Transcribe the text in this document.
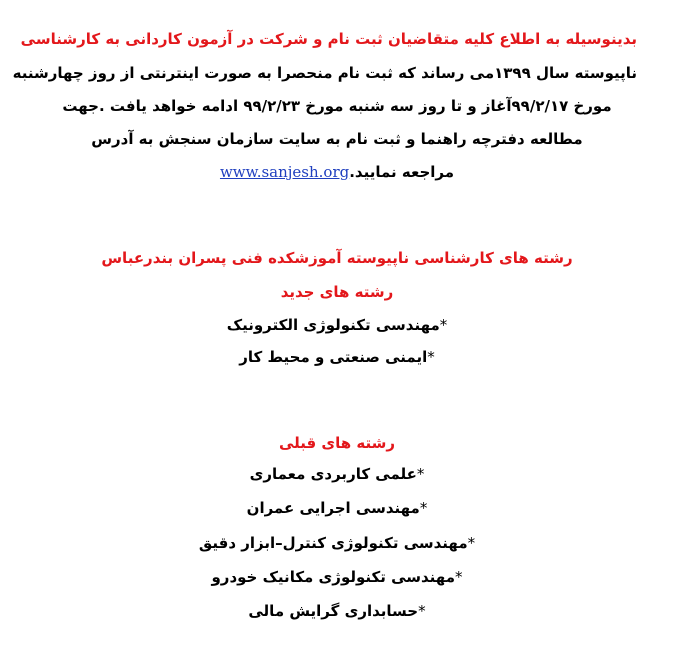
بدینوسیله به اطلاع کلیه متقاضیان ثبت نام و شرکت در آزمون کاردانی به کارشناسی
ناپیوسته سال ۱۳۹۹می رساند که ثبت نام منحصرا به صورت اینترنتی از روز چهارشنبه
مورخ ۹۹/۲/۱۷آغاز و تا روز سه شنبه مورخ ۹۹/۲/۲۳ ادامه خواهد یافت .جهت
مطالعه دفترچه راهنما و ثبت نام به سایت سازمان سنجش به آدرس
مراجعه نمایید.www.sanjesh.org
رشته های کارشناسی ناپیوسته آموزشکده فنی پسران بندرعباس
رشته های جدید
*مهندسی تکنولوژی الکترونیک
*ایمنی صنعتی و محیط کار
رشته های قبلی
*علمی کاربردی معماری
*مهندسی اجرایی عمران
*مهندسی تکنولوژی کنترل–ابزار دقیق
*مهندسی تکنولوژی مکانیک خودرو
*حسابداری گرایش مالی
